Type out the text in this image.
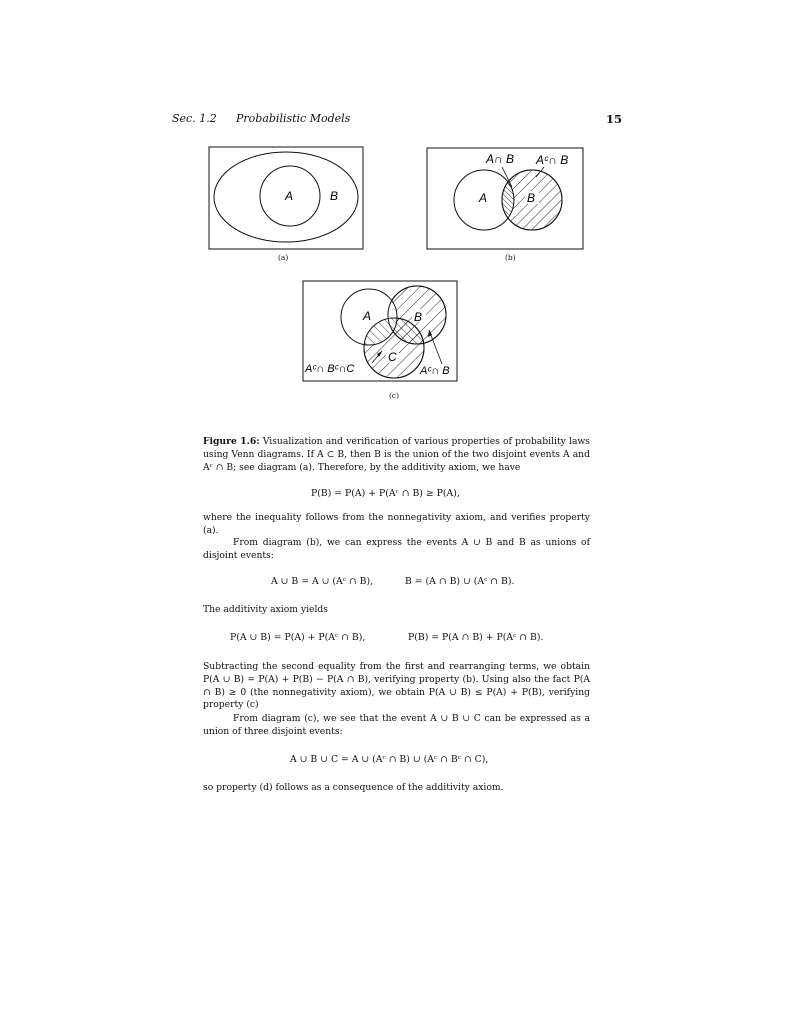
Sec. 1.2 Probabilistic Models	15
A	B
(a)
A	B
A∩ B Aᶜ∩ B
(b)
A	B
C
Aᶜ∩ Bᶜ∩C	Aᶜ∩ B
(c)
Figure 1.6: Visualization and verification of various properties of probability laws using Venn diagrams. If A ⊂ B, then B is the union of the two disjoint events A and Aᶜ ∩ B; see diagram (a). Therefore, by the additivity axiom, we have
P(B) = P(A) + P(Aᶜ ∩ B) ≥ P(A),
where the inequality follows from the nonnegativity axiom, and verifies property (a).
From diagram (b), we can express the events A ∪ B and B as unions of disjoint events:
A ∪ B = A ∪ (Aᶜ ∩ B),	B = (A ∩ B) ∪ (Aᶜ ∩ B).
The additivity axiom yields
P(A ∪ B) = P(A) + P(Aᶜ ∩ B),	P(B) = P(A ∩ B) + P(Aᶜ ∩ B).
Subtracting the second equality from the first and rearranging terms, we obtain P(A ∪ B) = P(A) + P(B) − P(A ∩ B), verifying property (b). Using also the fact P(A ∩ B) ≥ 0 (the nonnegativity axiom), we obtain P(A ∪ B) ≤ P(A) + P(B), verifying property (c)
From diagram (c), we see that the event A ∪ B ∪ C can be expressed as a union of three disjoint events:
A ∪ B ∪ C = A ∪ (Aᶜ ∩ B) ∪ (Aᶜ ∩ Bᶜ ∩ C),
so property (d) follows as a consequence of the additivity axiom.
